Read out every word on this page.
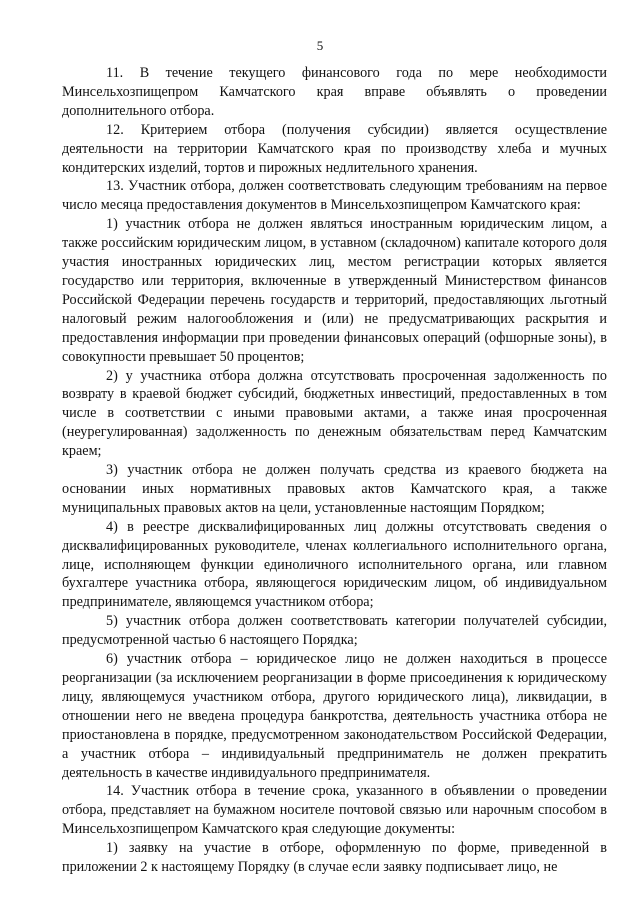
5

11. В течение текущего финансового года по мере необходимости Минсельхозпищепром Камчатского края вправе объявлять о проведении дополнительного отбора.

12. Критерием отбора (получения субсидии) является осуществление деятельности на территории Камчатского края по производству хлеба и мучных кондитерских изделий, тортов и пирожных недлительного хранения.

13. Участник отбора, должен соответствовать следующим требованиям на первое число месяца предоставления документов в Минсельхозпищепром Камчатского края:

1) участник отбора не должен являться иностранным юридическим лицом, а также российским юридическим лицом, в уставном (складочном) капитале которого доля участия иностранных юридических лиц, местом регистрации которых является государство или территория, включенные в утвержденный Министерством финансов Российской Федерации перечень государств и территорий, предоставляющих льготный налоговый режим налогообложения и (или) не предусматривающих раскрытия и предоставления информации при проведении финансовых операций (офшорные зоны), в совокупности превышает 50 процентов;

2) у участника отбора должна отсутствовать просроченная задолженность по возврату в краевой бюджет субсидий, бюджетных инвестиций, предоставленных в том числе в соответствии с иными правовыми актами, а также иная просроченная (неурегулированная) задолженность по денежным обязательствам перед Камчатским краем;

3) участник отбора не должен получать средства из краевого бюджета на основании иных нормативных правовых актов Камчатского края, а также муниципальных правовых актов на цели, установленные настоящим Порядком;

4) в реестре дисквалифицированных лиц должны отсутствовать сведения о дисквалифицированных руководителе, членах коллегиального исполнительного органа, лице, исполняющем функции единоличного исполнительного органа, или главном бухгалтере участника отбора, являющегося юридическим лицом, об индивидуальном предпринимателе, являющемся участником отбора;

5) участник отбора должен соответствовать категории получателей субсидии, предусмотренной частью 6 настоящего Порядка;

6) участник отбора – юридическое лицо не должен находиться в процессе реорганизации (за исключением реорганизации в форме присоединения к юридическому лицу, являющемуся участником отбора, другого юридического лица), ликвидации, в отношении него не введена процедура банкротства, деятельность участника отбора не приостановлена в порядке, предусмотренном законодательством Российской Федерации, а участник отбора – индивидуальный предприниматель не должен прекратить деятельность в качестве индивидуального предпринимателя.

14. Участник отбора в течение срока, указанного в объявлении о проведении отбора, представляет на бумажном носителе почтовой связью или нарочным способом в Минсельхозпищепром Камчатского края следующие документы:

1) заявку на участие в отборе, оформленную по форме, приведенной в приложении 2 к настоящему Порядку (в случае если заявку подписывает лицо, не
